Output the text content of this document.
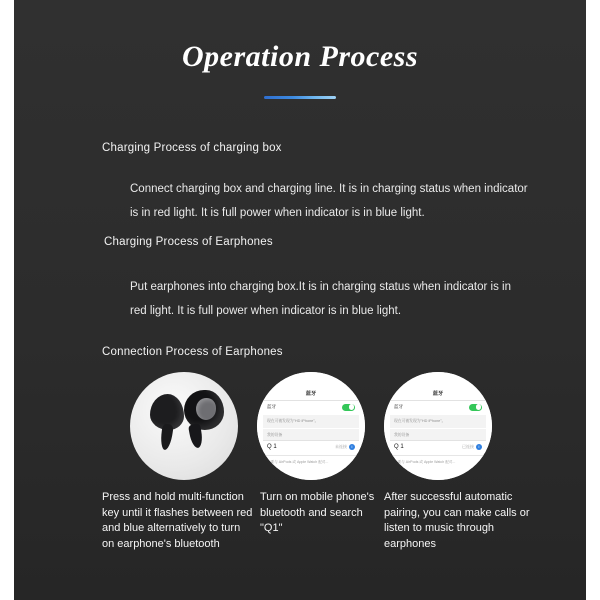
Operation Process
Charging Process of charging box
Connect charging box and charging line. It is in charging status when indicator is in red light. It is full power when indicator is in blue light.
Charging Process of Earphones
Put earphones into charging box.It is in charging status when indicator is in red light. It is full power when indicator is in blue light.
Connection Process of Earphones
蓝牙
蓝牙
现在可被发现为"HD iPhone"。
我的设备
Q 1	未连接	i
若要与 AirPods 或 Apple Watch 配对...
蓝牙
蓝牙
现在可被发现为"HD iPhone"。
我的设备
Q 1	已连接	i
若要与 AirPods 或 Apple Watch 配对...
Press and hold multi-function key until it flashes between red and blue alternatively to turn on earphone's bluetooth
Turn on mobile phone's bluetooth and search "Q1"
After successful automatic pairing, you can make calls or listen to music through earphones
